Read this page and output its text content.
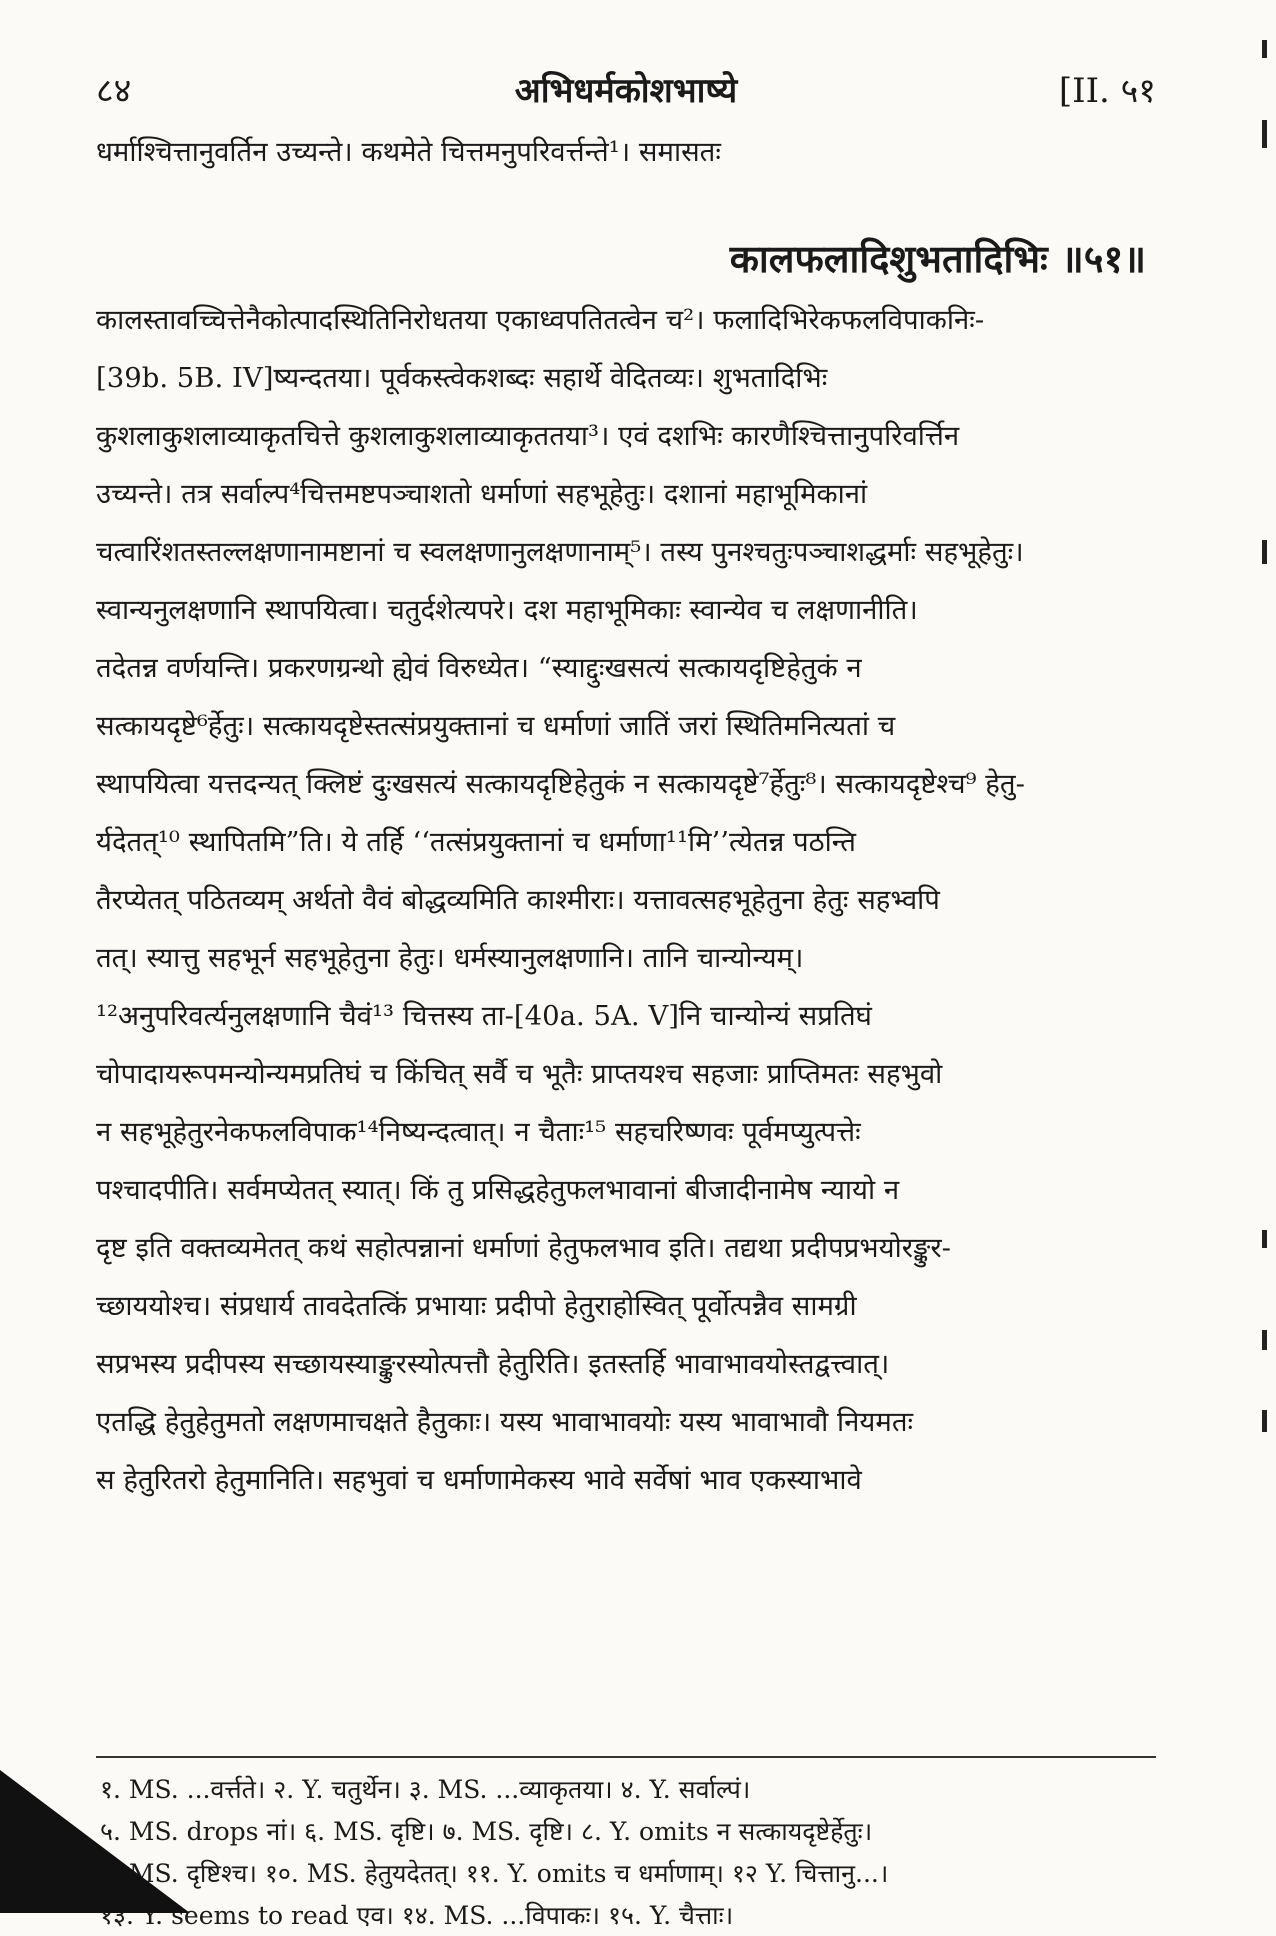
८४	अभिधर्मकोशभाष्ये	[II. ५१
धर्माश्चित्तानुवर्तिन उच्यन्ते। कथमेते चित्तमनुपरिवर्त्तन्ते¹। समासतः
कालफलादिशुभतादिभिः ॥५१॥
कालस्तावच्चित्तेनैकोत्पादस्थितिनिरोधतया एकाध्वपतितत्वेन च²। फलादिभिरेकफलविपाकनिः-
[39b. 5B. IV]ष्यन्दतया। पूर्वकस्त्वेकशब्दः सहार्थे वेदितव्यः। शुभतादिभिः
कुशलाकुशलाव्याकृतचित्ते कुशलाकुशलाव्याकृततया³। एवं दशभिः कारणैश्चित्तानुपरिवर्त्तिन
उच्यन्ते। तत्र सर्वाल्प⁴चित्तमष्टपञ्चाशतो धर्माणां सहभूहेतुः। दशानां महाभूमिकानां
चत्वारिंशतस्तल्लक्षणानामष्टानां च स्वलक्षणानुलक्षणानाम्⁵। तस्य पुनश्चतुःपञ्चाशद्धर्माः सहभूहेतुः।
स्वान्यनुलक्षणानि स्थापयित्वा। चतुर्दशेत्यपरे। दश महाभूमिकाः स्वान्येव च लक्षणानीति।
तदेतन्न वर्णयन्ति। प्रकरणग्रन्थो ह्येवं विरुध्येत। “स्याद्दुःखसत्यं सत्कायदृष्टिहेतुकं न
सत्कायदृष्टे⁶र्हेतुः। सत्कायदृष्टेस्तत्संप्रयुक्तानां च धर्माणां जातिं जरां स्थितिमनित्यतां च
स्थापयित्वा यत्तदन्यत् क्लिष्टं दुःखसत्यं सत्कायदृष्टिहेतुकं न सत्कायदृष्टे⁷र्हेतुः⁸। सत्कायदृष्टेश्च⁹ हेतु-
र्यदेतत्¹⁰ स्थापितमि”ति। ये तर्हि ‘‘तत्संप्रयुक्तानां च धर्माणा¹¹मि’’त्येतन्न पठन्ति
तैरप्येतत् पठितव्यम् अर्थतो वैवं बोद्धव्यमिति काश्मीराः। यत्तावत्सहभूहेतुना हेतुः सहभ्वपि
तत्। स्यात्तु सहभूर्न सहभूहेतुना हेतुः। धर्मस्यानुलक्षणानि। तानि चान्योन्यम्।
¹²अनुपरिवर्त्यनुलक्षणानि चैवं¹³ चित्तस्य ता-[40a. 5A. V]नि चान्योन्यं सप्रतिघं
चोपादायरूपमन्योन्यमप्रतिघं च किंचित् सर्वै च भूतैः प्राप्तयश्च सहजाः प्राप्तिमतः सहभुवो
न सहभूहेतुरनेकफलविपाक¹⁴निष्यन्दत्वात्। न चैताः¹⁵ सहचरिष्णवः पूर्वमप्युत्पत्तेः
पश्चादपीति। सर्वमप्येतत् स्यात्। किं तु प्रसिद्धहेतुफलभावानां बीजादीनामेष न्यायो न
दृष्ट इति वक्तव्यमेतत् कथं सहोत्पन्नानां धर्माणां हेतुफलभाव इति। तद्यथा प्रदीपप्रभयोरङ्कुर-
च्छाययोश्च। संप्रधार्य तावदेतत्किं प्रभायाः प्रदीपो हेतुराहोस्वित् पूर्वोत्पन्नैव सामग्री
सप्रभस्य प्रदीपस्य सच्छायस्याङ्कुरस्योत्पत्तौ हेतुरिति। इतस्तर्हि भावाभावयोस्तद्वत्त्वात्।
एतद्धि हेतुहेतुमतो लक्षणमाचक्षते हैतुकाः। यस्य भावाभावयोः यस्य भावाभावौ नियमतः
स हेतुरितरो हेतुमानिति। सहभुवां च धर्माणामेकस्य भावे सर्वेषां भाव एकस्याभावे
१. MS. ...वर्त्तते। २. Y. चतुर्थेन। ३. MS. ...व्याकृतया। ४. Y. सर्वाल्पं।
५. MS. drops नां। ६. MS. दृष्टि। ७. MS. दृष्टि। ८. Y. omits न सत्कायदृष्टेर्हेतुः।
९. MS. दृष्टिश्च। १०. MS. हेतुयदेतत्। ११. Y. omits च धर्माणाम्। १२ Y. चित्तानु...।
१३. Y. seems to read एव। १४. MS. ...विपाकः। १५. Y. चैत्ताः।
